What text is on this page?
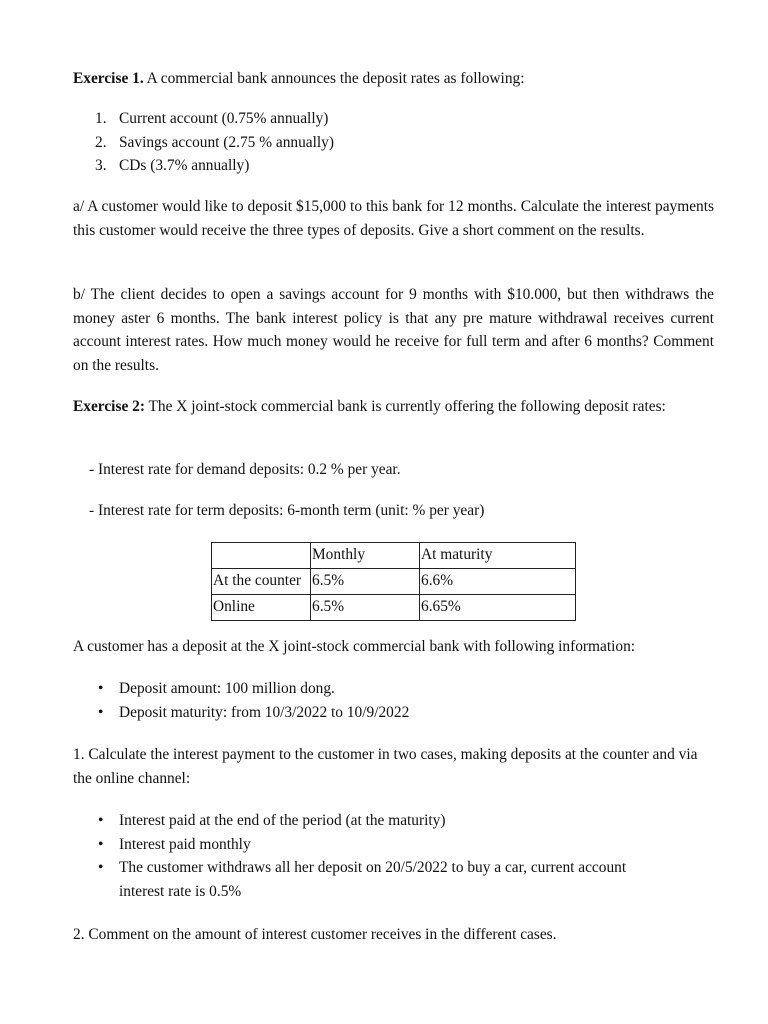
Exercise 1. A commercial bank announces the deposit rates as following:

1. Current account (0.75% annually)
2. Savings account (2.75 % annually)
3. CDs (3.7% annually)

a/ A customer would like to deposit $15,000 to this bank for 12 months. Calculate the interest payments this customer would receive the three types of deposits. Give a short comment on the results.

b/ The client decides to open a savings account for 9 months with $10.000, but then withdraws the money aster 6 months. The bank interest policy is that any pre mature withdrawal receives current account interest rates. How much money would he receive for full term and after 6 months? Comment on the results.

Exercise 2: The X joint-stock commercial bank is currently offering the following deposit rates:

- Interest rate for demand deposits: 0.2 % per year.

- Interest rate for term deposits: 6-month term (unit: % per year)

	Monthly	At maturity
At the counter	6.5%	6.6%
Online	6.5%	6.65%

A customer has a deposit at the X joint-stock commercial bank with following information:

• Deposit amount: 100 million dong.
• Deposit maturity: from 10/3/2022 to 10/9/2022

1. Calculate the interest payment to the customer in two cases, making deposits at the counter and via the online channel:

• Interest paid at the end of the period (at the maturity)
• Interest paid monthly
• The customer withdraws all her deposit on 20/5/2022 to buy a car, current account interest rate is 0.5%

2. Comment on the amount of interest customer receives in the different cases.
